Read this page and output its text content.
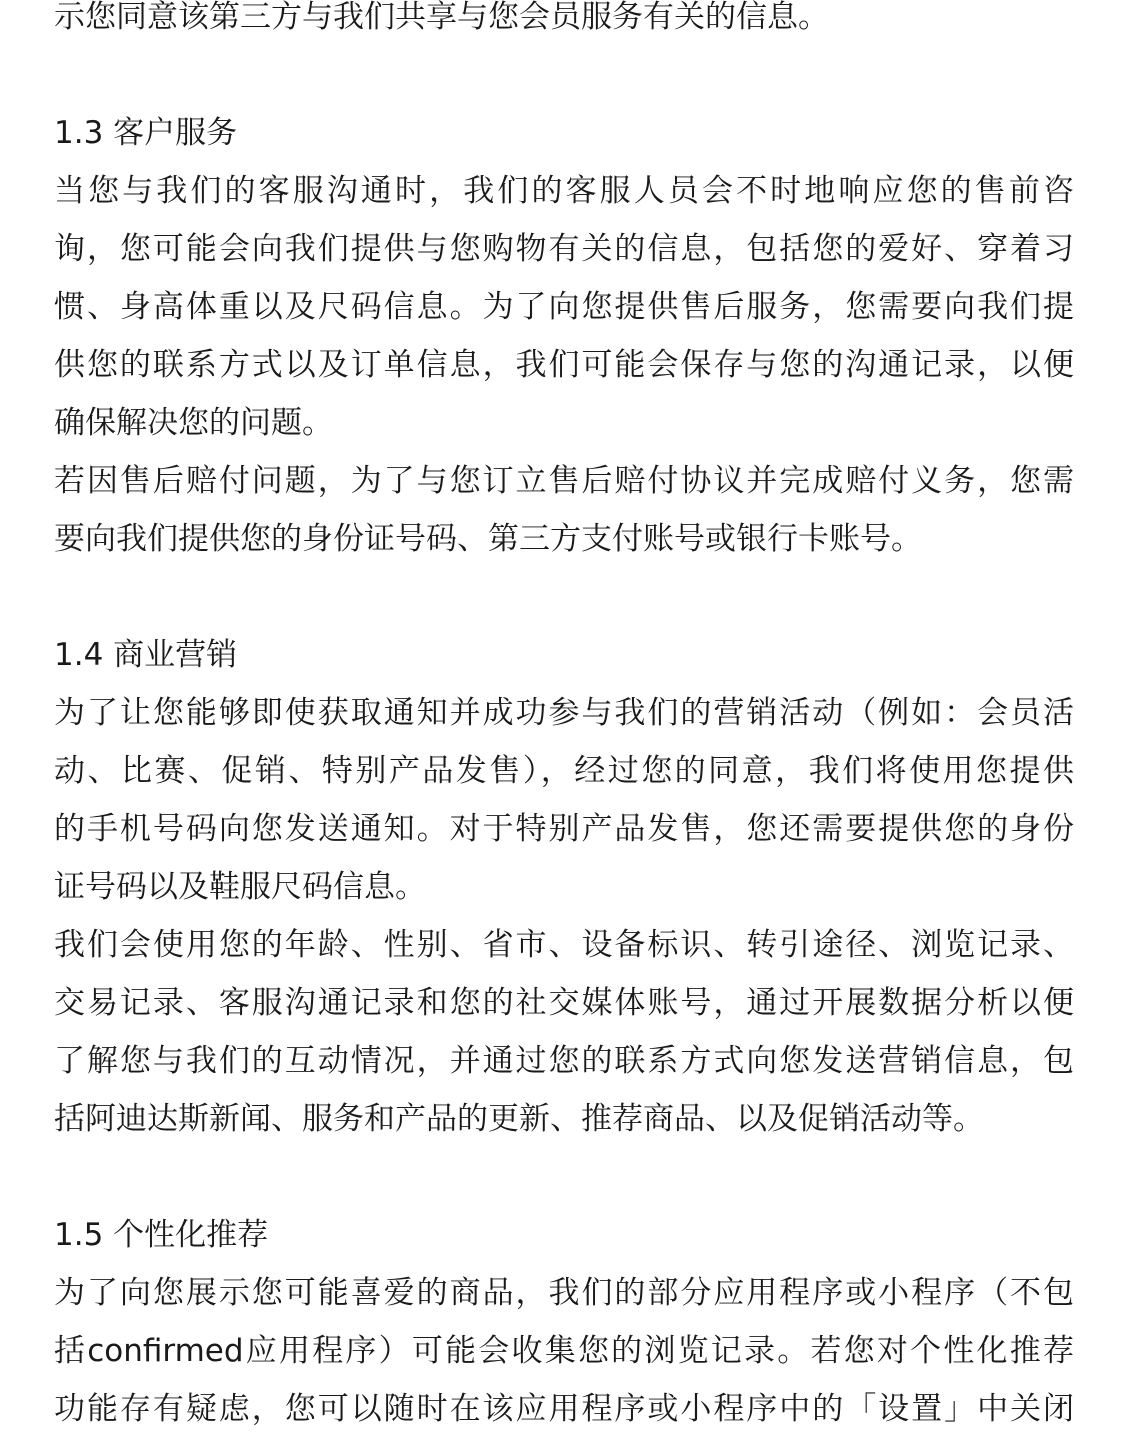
示您同意该第三方与我们共享与您会员服务有关的信息。
1.3 客户服务
当您与我们的客服沟通时，我们的客服人员会不时地响应您的售前咨
询，您可能会向我们提供与您购物有关的信息，包括您的爱好、穿着习
惯、身高体重以及尺码信息。为了向您提供售后服务，您需要向我们提
供您的联系方式以及订单信息，我们可能会保存与您的沟通记录，以便
确保解决您的问题。
若因售后赔付问题，为了与您订立售后赔付协议并完成赔付义务，您需
要向我们提供您的身份证号码、第三方支付账号或银行卡账号。
1.4 商业营销
为了让您能够即使获取通知并成功参与我们的营销活动（例如：会员活
动、比赛、促销、特别产品发售），经过您的同意，我们将使用您提供
的手机号码向您发送通知。对于特别产品发售，您还需要提供您的身份
证号码以及鞋服尺码信息。
我们会使用您的年龄、性别、省市、设备标识、转引途径、浏览记录、
交易记录、客服沟通记录和您的社交媒体账号，通过开展数据分析以便
了解您与我们的互动情况，并通过您的联系方式向您发送营销信息，包
括阿迪达斯新闻、服务和产品的更新、推荐商品、以及促销活动等。
1.5 个性化推荐
为了向您展示您可能喜爱的商品，我们的部分应用程序或小程序（不包
括confirmed应用程序）可能会收集您的浏览记录。若您对个性化推荐
功能存有疑虑，您可以随时在该应用程序或小程序中的「设置」中关闭
